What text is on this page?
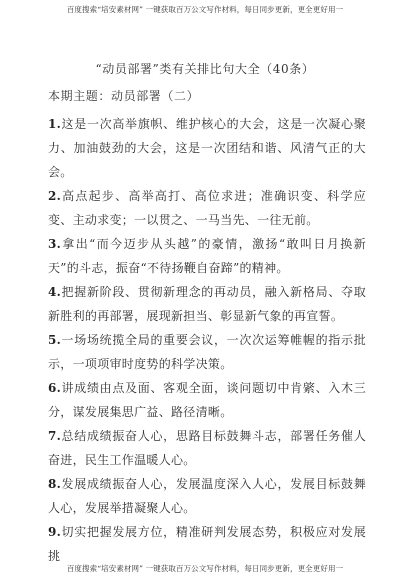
百度搜索“培安素材网” 一键获取百万公文写作材料，每日同步更新，更全更好用一
“动员部署”类有关排比句大全（40条）
本期主题：动员部署（二）
1.这是一次高举旗帜、维护核心的大会，这是一次凝心聚力、加油鼓劲的大会，这是一次团结和谐、风清气正的大会。
2.高点起步、高举高打、高位求进；准确识变、科学应变、主动求变；一以贯之、一马当先、一往无前。
3.拿出“而今迈步从头越”的豪情，激扬“敢叫日月换新天”的斗志，振奋“不待扬鞭自奋蹄”的精神。
4.把握新阶段、贯彻新理念的再动员，融入新格局、夺取新胜利的再部署，展现新担当、彰显新气象的再宣誓。
5.一场场统揽全局的重要会议，一次次运筹帷幄的指示批示，一项项审时度势的科学决策。
6.讲成绩由点及面、客观全面，谈问题切中肯綮、入木三分，谋发展集思广益、路径清晰。
7.总结成绩振奋人心，思路目标鼓舞斗志，部署任务催人奋进，民生工作温暖人心。
8.发展成绩振奋人心，发展温度深入人心，发展目标鼓舞人心，发展举措凝聚人心。
9.切实把握发展方位，精准研判发展态势，积极应对发展挑
百度搜索“培安素材网” 一键获取百万公文写作材料，每日同步更新，更全更好用一
